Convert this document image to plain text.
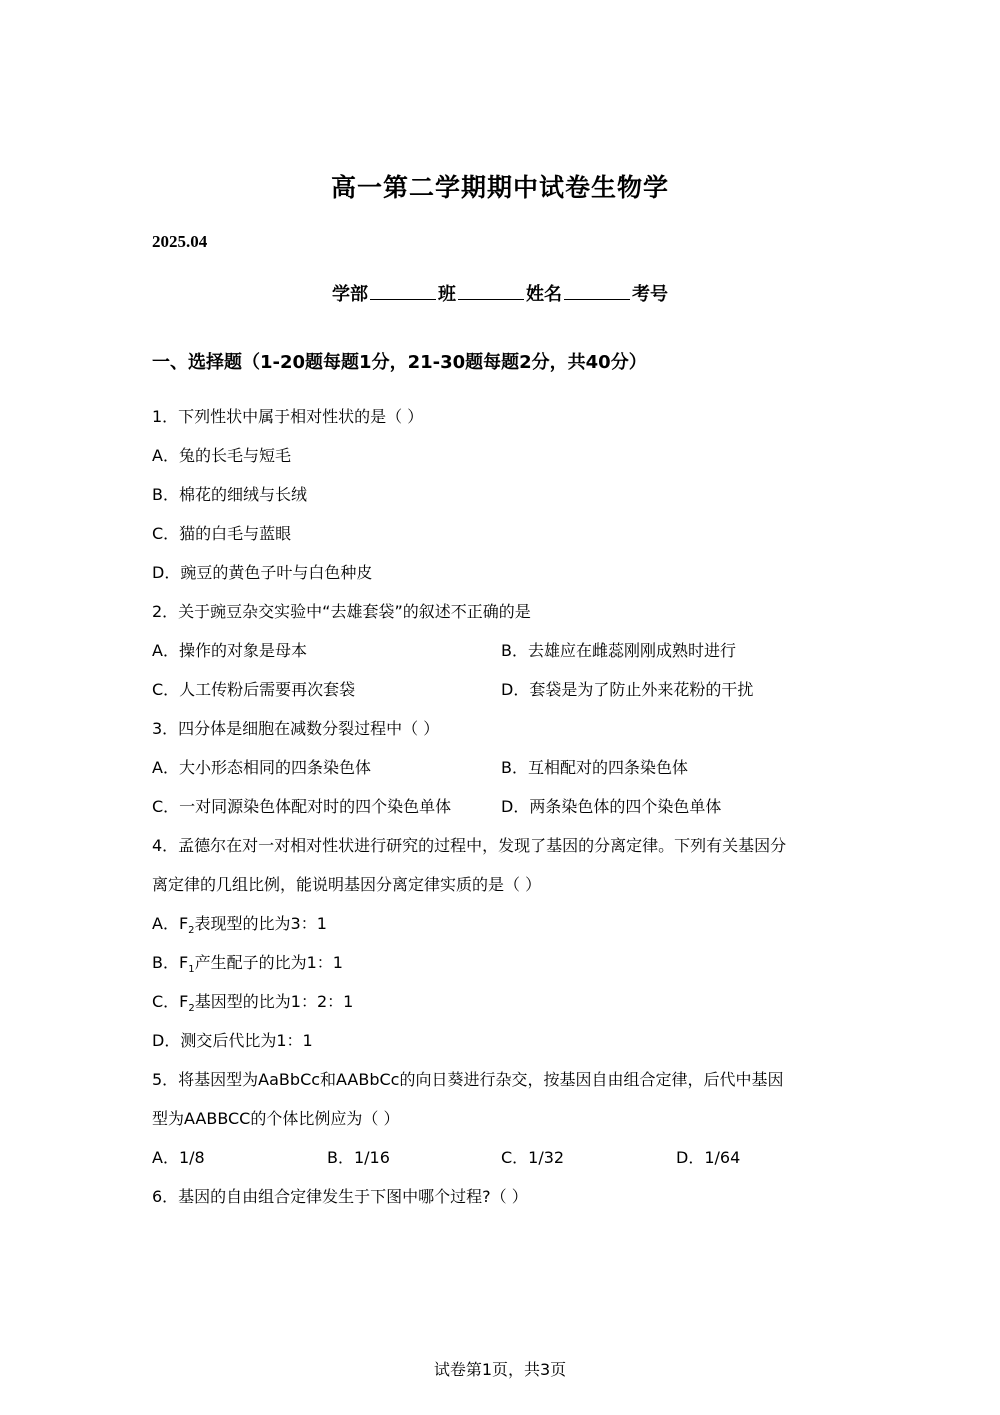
高一第二学期期中试卷生物学
2025.04
学部	班	姓名	考号
一、选择题（1-20题每题1分，21-30题每题2分，共40分）
1．下列性状中属于相对性状的是（ ）
A．兔的长毛与短毛
B．棉花的细绒与长绒
C．猫的白毛与蓝眼
D．豌豆的黄色子叶与白色种皮
2．关于豌豆杂交实验中“去雄套袋”的叙述不正确的是
A．操作的对象是母本	B．去雄应在雌蕊刚刚成熟时进行
C．人工传粉后需要再次套袋	D．套袋是为了防止外来花粉的干扰
3．四分体是细胞在减数分裂过程中（ ）
A．大小形态相同的四条染色体	B．互相配对的四条染色体
C．一对同源染色体配对时的四个染色单体	D．两条染色体的四个染色单体
4．孟德尔在对一对相对性状进行研究的过程中，发现了基因的分离定律。下列有关基因分
离定律的几组比例，能说明基因分离定律实质的是（ ）
A．$F_2$表现型的比为3：1
B．$F_1$产生配子的比为1：1
C．$F_2$基因型的比为1：2：1
D．测交后代比为1：1
5．将基因型为AaBbCc和AABbCc的向日葵进行杂交，按基因自由组合定律，后代中基因
型为AABBCC的个体比例应为（ ）
A．1/8	B．1/16	C．1/32	D．1/64
6．基因的自由组合定律发生于下图中哪个过程?（ ）
试卷第1页，共3页
